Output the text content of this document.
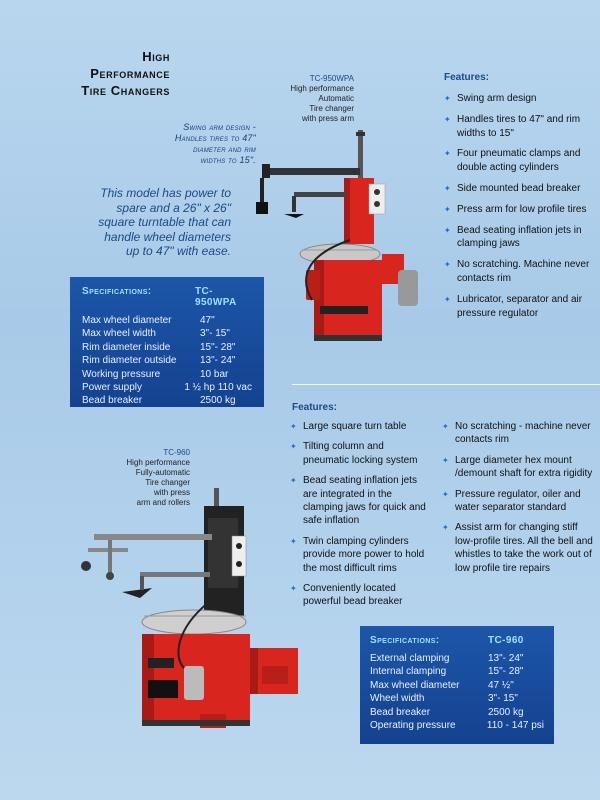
High
Performance
Tire Changers
Swing arm design -
Handles tires to 47"
diameter and rim
widths to 15".
This model has power to spare and a 26" x 26" square turntable that can handle wheel diameters up to 47" with ease.
TC-950WPA
High performance
Automatic
Tire changer
with press arm
Features:
✦ Swing arm design
✦ Handles tires to 47" and rim widths to 15"
✦ Four pneumatic clamps and double acting cylinders
✦ Side mounted bead breaker
✦ Press arm for low profile tires
✦ Bead seating inflation jets in clamping jaws
✦ No scratching. Machine never contacts rim
✦ Lubricator, separator and air pressure regulator
Specifications:	TC-950WPA
Max wheel diameter	47"
Max wheel width	3"- 15"
Rim diameter inside	15"- 28"
Rim diameter outside	13"- 24"
Working pressure	10 bar
Power supply	1 ½ hp 110 vac
Bead breaker	2500 kg
Features:
✦ Large square turn table
✦ Tilting column and pneumatic locking system
✦ Bead seating inflation jets are integrated in the clamping jaws for quick and safe inflation
✦ Twin clamping cylinders provide more power to hold the most difficult rims
✦ Conveniently located powerful bead breaker
✦ No scratching - machine never contacts rim
✦ Large diameter hex mount /demount shaft for extra rigidity
✦ Pressure regulator, oiler and water separator standard
✦ Assist arm for changing stiff low-profile tires. All the bell and whistles to take the work out of low profile tire repairs
TC-960
High performance
Fully-automatic
Tire changer
with press
arm and rollers
Specifications:	TC-960
External clamping	13"- 24"
Internal clamping	15"- 28"
Max wheel diameter	47 ½"
Wheel width	3"- 15"
Bead breaker	2500 kg
Operating pressure	110 - 147 psi
